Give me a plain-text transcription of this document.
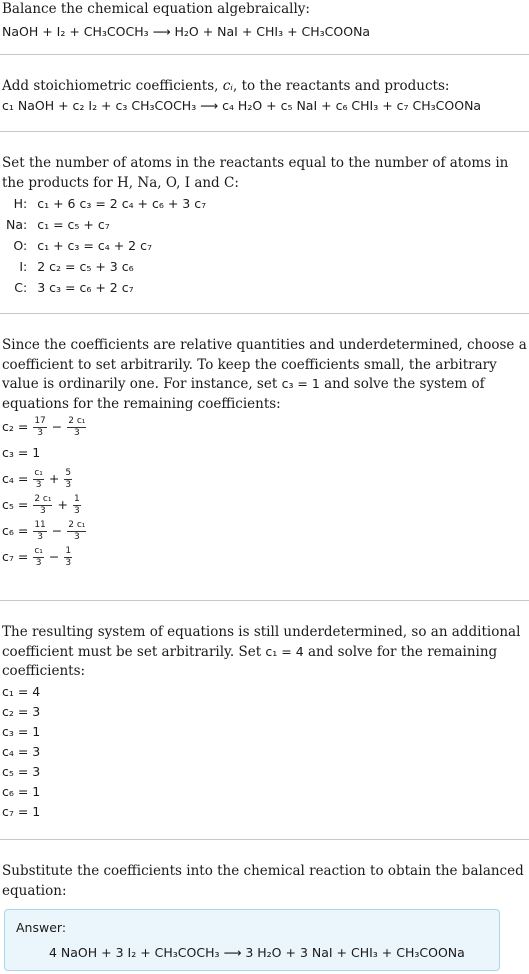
Balance the chemical equation algebraically:

NaOH + I₂ + CH₃COCH₃ ⟶ H₂O + NaI + CHI₃ + CH₃COONa

Add stoichiometric coefficients, cᵢ, to the reactants and products:

c₁ NaOH + c₂ I₂ + c₃ CH₃COCH₃ ⟶ c₄ H₂O + c₅ NaI + c₆ CHI₃ + c₇ CH₃COONa

Set the number of atoms in the reactants equal to the number of atoms in the products for H, Na, O, I and C:

H:	c₁ + 6 c₃ = 2 c₄ + c₆ + 3 c₇
Na:	c₁ = c₅ + c₇
O:	c₁ + c₃ = c₄ + 2 c₇
I:	2 c₂ = c₅ + 3 c₆
C:	3 c₃ = c₆ + 2 c₇

Since the coefficients are relative quantities and underdetermined, choose a coefficient to set arbitrarily. To keep the coefficients small, the arbitrary value is ordinarily one. For instance, set c₃ = 1 and solve the system of equations for the remaining coefficients:

$c_2 = \frac{17}{3} - \frac{\text{2 c₁}}{3}$
c₃ = 1
$c_4 = \frac{\text{c₁}}{3} + \frac{5}{3}$
$c_5 = \frac{\text{2 c₁}}{3} + \frac{1}{3}$
$c_6 = \frac{11}{3} - \frac{\text{2 c₁}}{3}$
$c_7 = \frac{\text{c₁}}{3} - \frac{1}{3}$

The resulting system of equations is still underdetermined, so an additional coefficient must be set arbitrarily. Set c₁ = 4 and solve for the remaining coefficients:

c₁ = 4
c₂ = 3
c₃ = 1
c₄ = 3
c₅ = 3
c₆ = 1
c₇ = 1

Substitute the coefficients into the chemical reaction to obtain the balanced equation:

Answer:
4 NaOH + 3 I₂ + CH₃COCH₃ ⟶ 3 H₂O + 3 NaI + CHI₃ + CH₃COONa
